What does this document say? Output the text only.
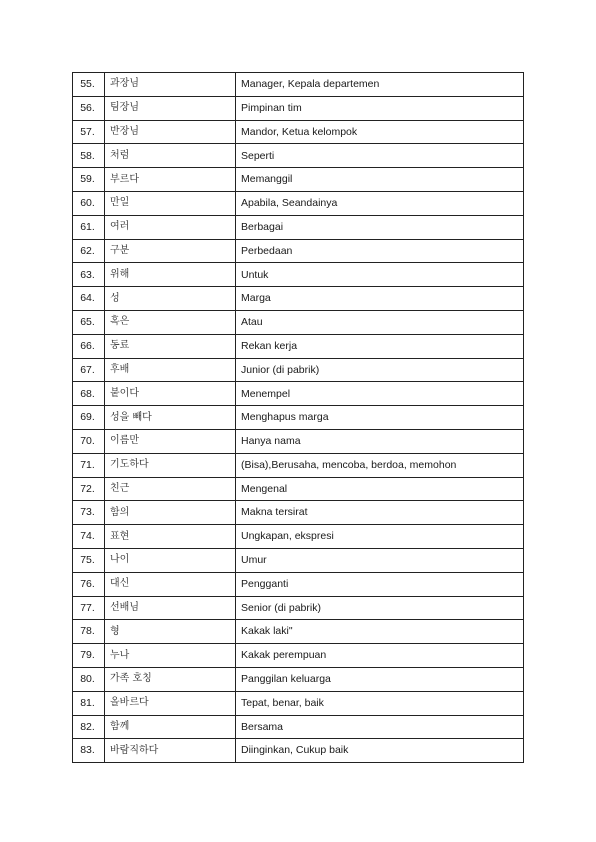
55.	과장님	Manager, Kepala departemen
56.	팀장님	Pimpinan tim
57.	반장님	Mandor, Ketua kelompok
58.	처럼	Seperti
59.	부르다	Memanggil
60.	만일	Apabila, Seandainya
61.	여러	Berbagai
62.	구분	Perbedaan
63.	위해	Untuk
64.	성	Marga
65.	혹은	Atau
66.	동료	Rekan kerja
67.	후배	Junior (di pabrik)
68.	붙이다	Menempel
69.	성을 빼다	Menghapus marga
70.	이름만	Hanya nama
71.	기도하다	(Bisa),Berusaha, mencoba, berdoa, memohon
72.	친근	Mengenal
73.	함의	Makna tersirat
74.	표현	Ungkapan, ekspresi
75.	나이	Umur
76.	대신	Pengganti
77.	선배님	Senior (di pabrik)
78.	형	Kakak laki"
79.	누나	Kakak perempuan
80.	가족 호칭	Panggilan keluarga
81.	올바르다	Tepat, benar, baik
82.	함께	Bersama
83.	바람직하다	Diinginkan, Cukup baik
